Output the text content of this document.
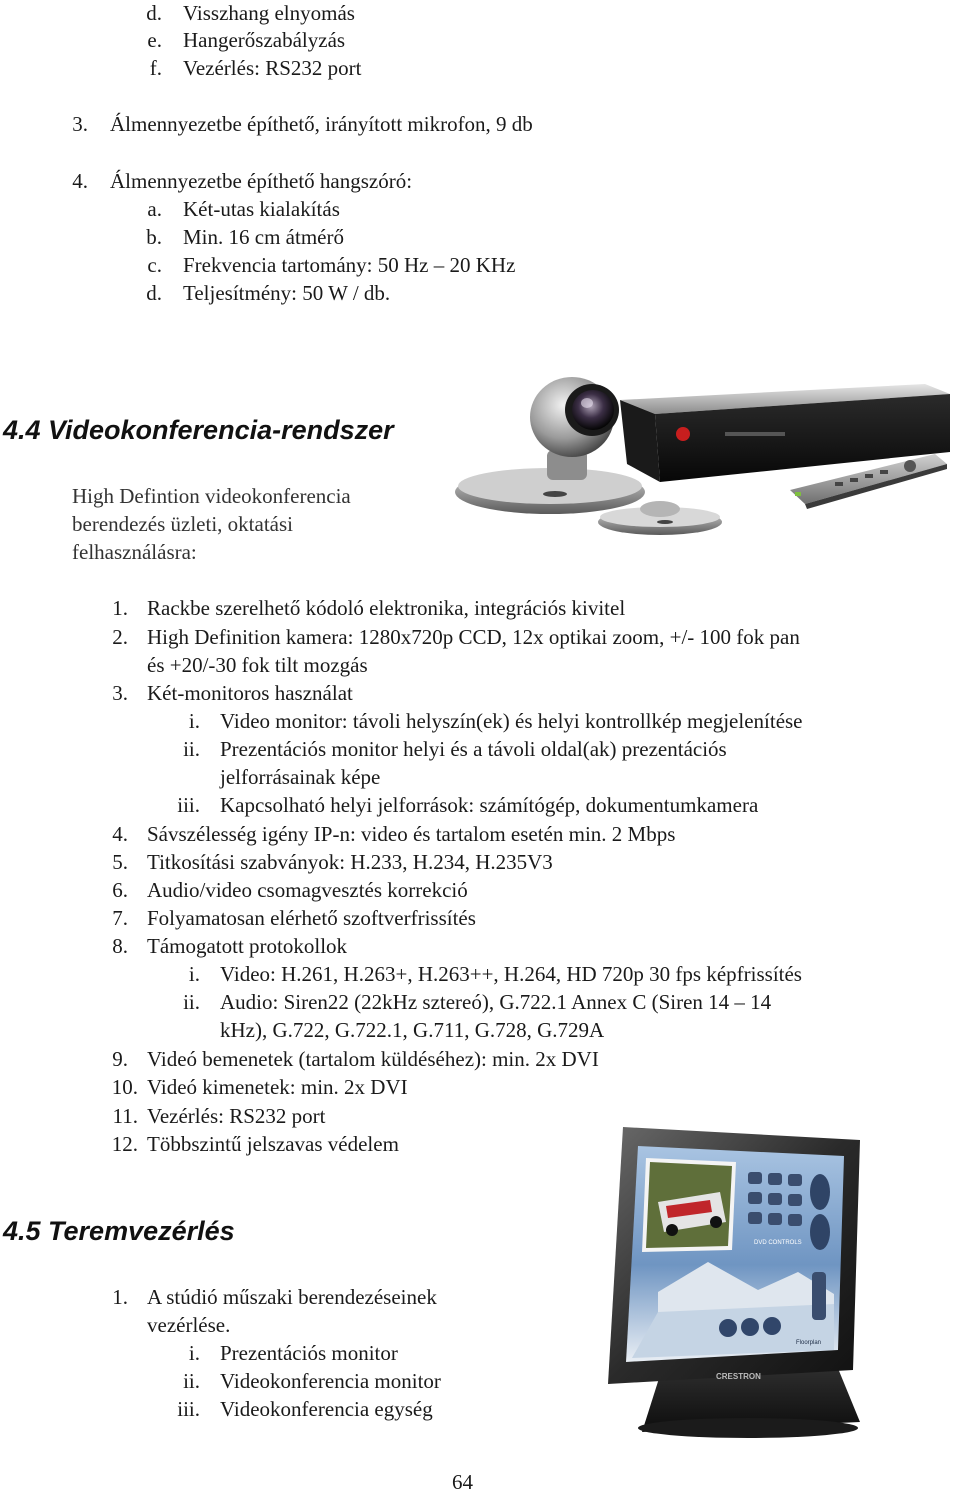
d. Visszhang elnyomás
e. Hangerőszabályzás
f. Vezérlés: RS232 port
3. Álmennyezetbe építhető, irányított mikrofon, 9 db
4. Álmennyezetbe építhető hangszóró:
a. Két-utas kialakítás
b. Min. 16 cm átmérő
c. Frekvencia tartomány: 50 Hz – 20 KHz
d. Teljesítmény: 50 W / db.
4.4 Videokonferencia-rendszer
High Defintion videokonferencia
berendezés üzleti, oktatási
felhasználásra:
1. Rackbe szerelhető kódoló elektronika, integrációs kivitel
2. High Definition kamera: 1280x720p CCD, 12x optikai zoom, +/- 100 fok pan
és +20/-30 fok tilt mozgás
3. Két-monitoros használat
i. Video monitor: távoli helyszín(ek) és helyi kontrollkép megjelenítése
ii. Prezentációs monitor helyi és a távoli oldal(ak) prezentációs
jelforrásainak képe
iii. Kapcsolható helyi jelforrások: számítógép, dokumentumkamera
4. Sávszélesség igény IP-n: video és tartalom esetén min. 2 Mbps
5. Titkosítási szabványok: H.233, H.234, H.235V3
6. Audio/video csomagvesztés korrekció
7. Folyamatosan elérhető szoftverfrissítés
8. Támogatott protokollok
i. Video: H.261, H.263+, H.263++, H.264, HD 720p 30 fps képfrissítés
ii. Audio: Siren22 (22kHz sztereó), G.722.1 Annex C (Siren 14 – 14
kHz), G.722, G.722.1, G.711, G.728, G.729A
9. Videó bemenetek (tartalom küldéséhez): min. 2x DVI
10. Videó kimenetek: min. 2x DVI
11. Vezérlés: RS232 port
12. Többszintű jelszavas védelem
4.5 Teremvezérlés
1. A stúdió műszaki berendezéseinek
vezérlése.
i. Prezentációs monitor
ii. Videokonferencia monitor
iii. Videokonferencia egység
DVD CONTROLS
Floorplan
CRESTRON
64
